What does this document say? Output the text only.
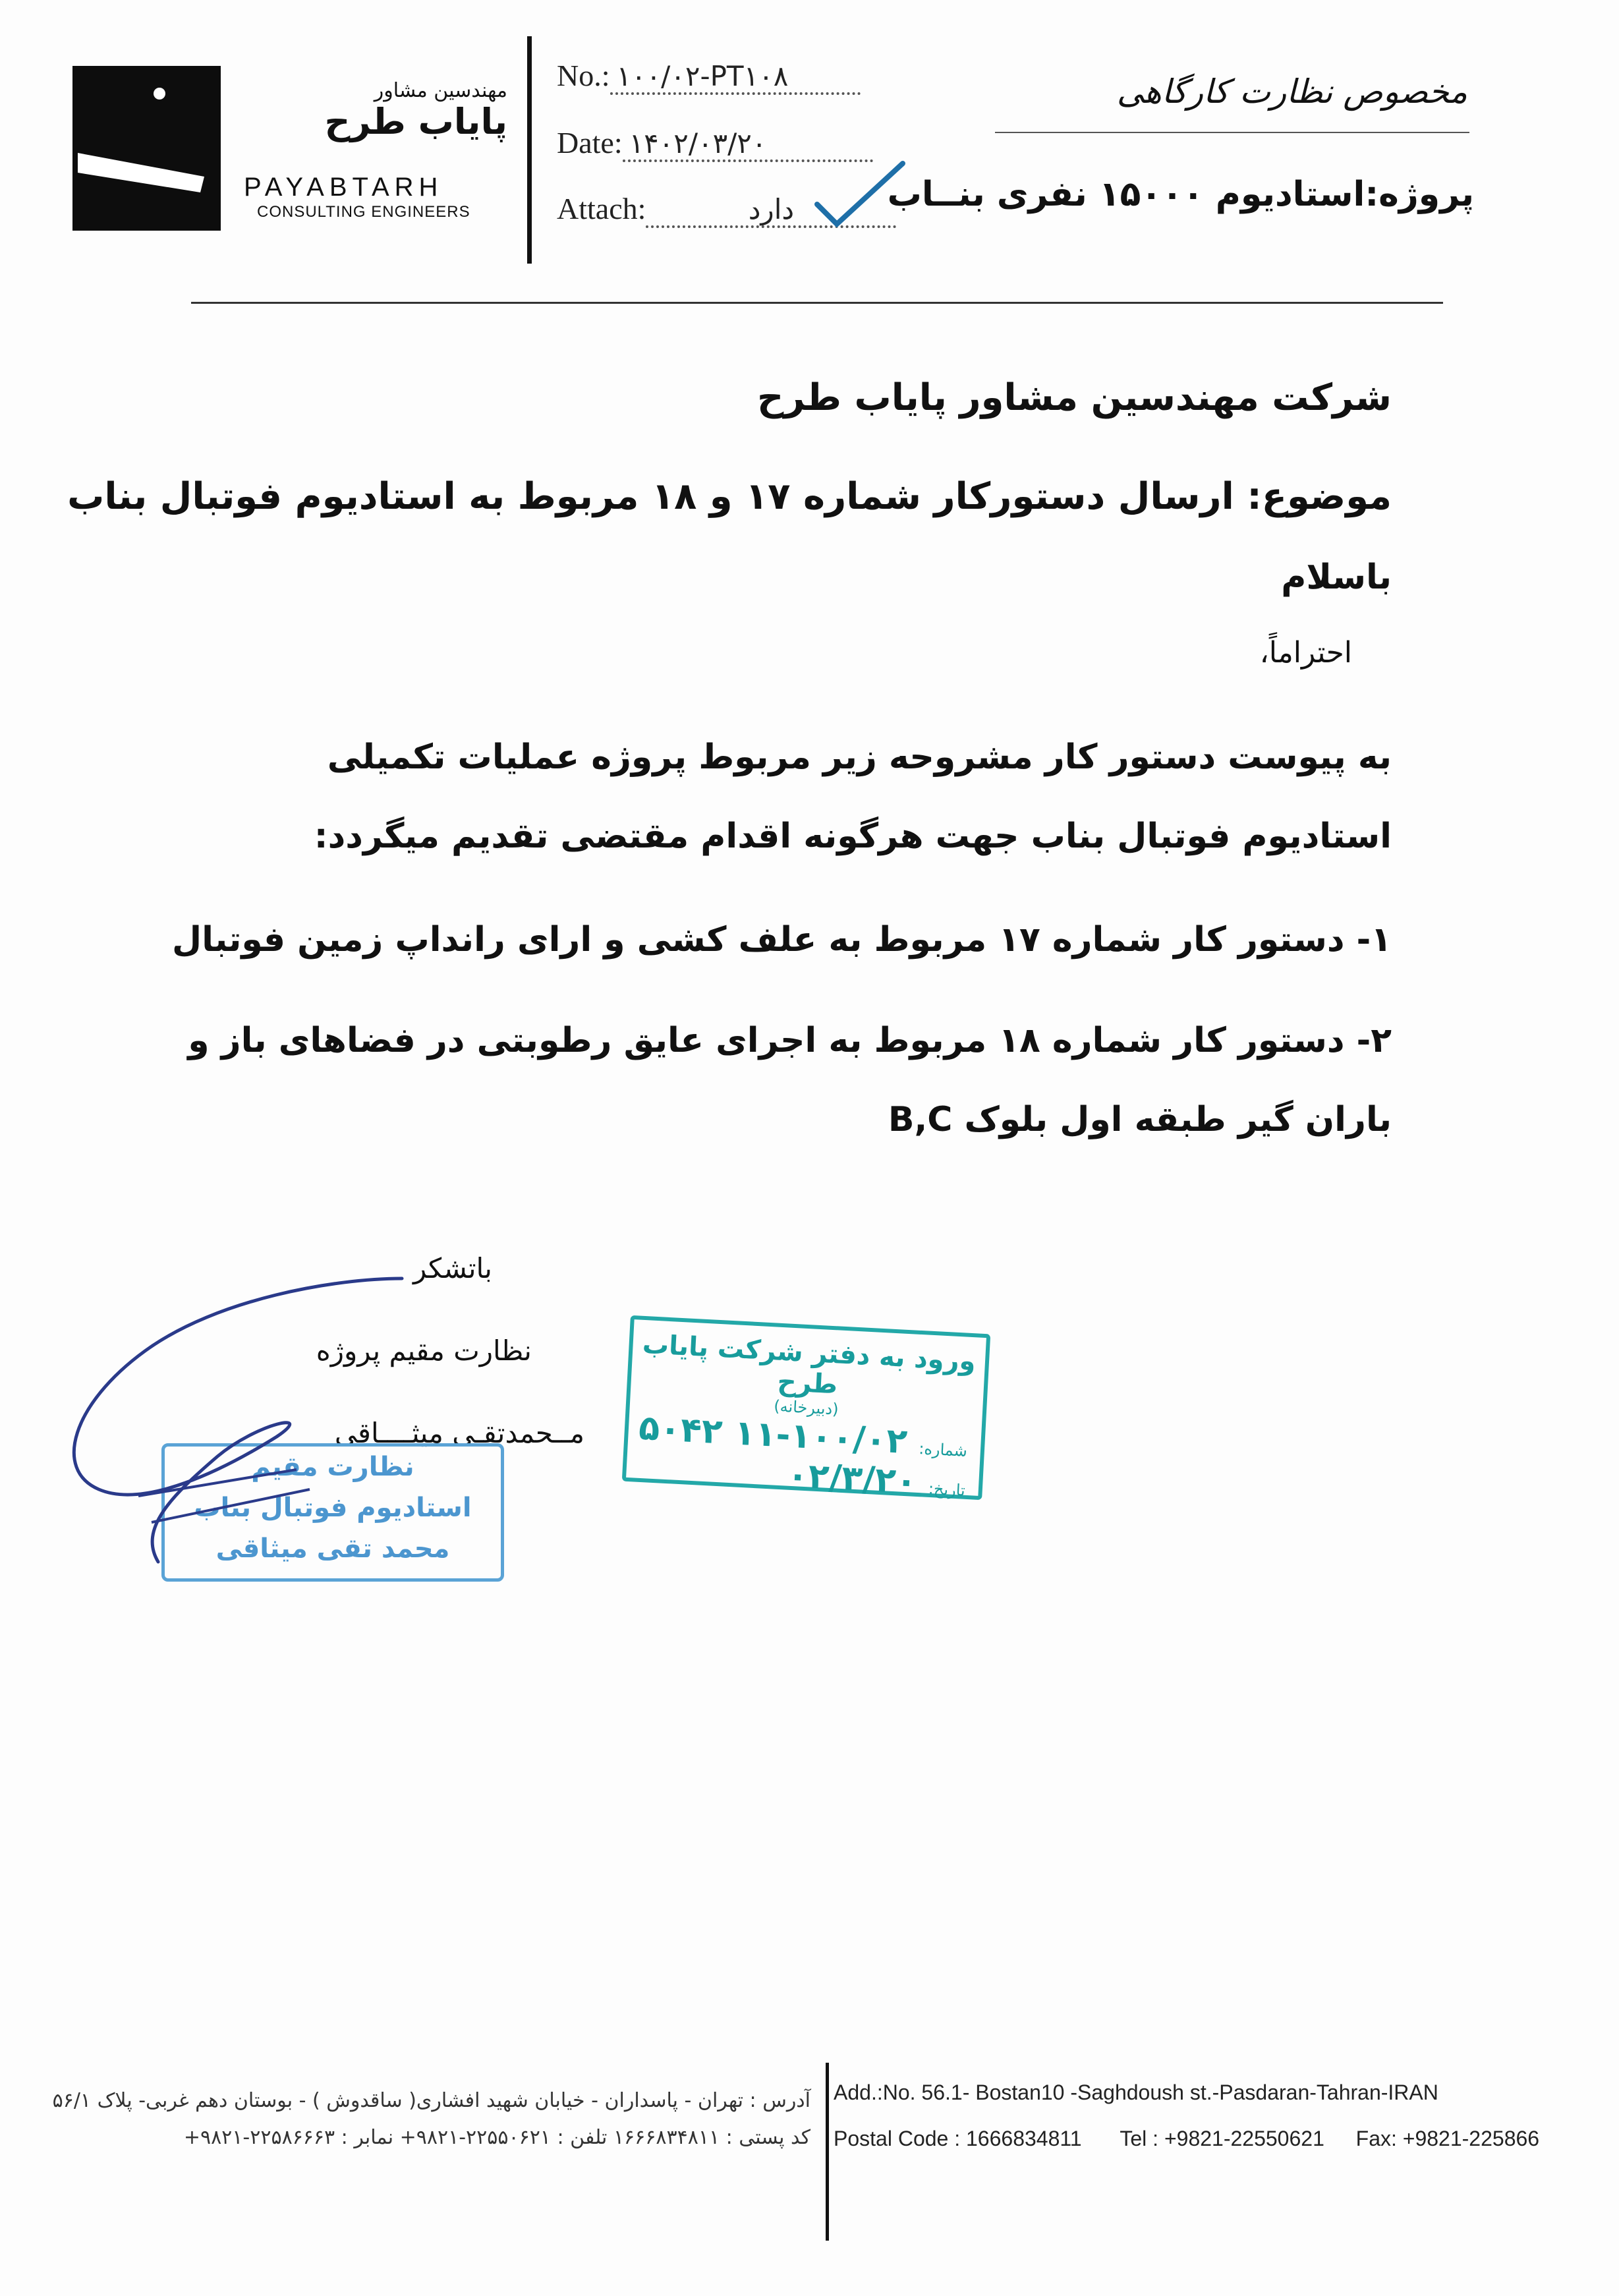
مهندسین مشاور
پایاب طرح
PAYABTARH
CONSULTING ENGINEERS
No.: ۱۰۰/۰۲-PT۱۰۸
Date: ۱۴۰۲/۰۳/۲۰
Attach:	دارد
مخصوص نظارت کارگاهی
پروژه:استادیوم ۱۵۰۰۰ نفری بنــاب
شرکت مهندسین مشاور پایاب طرح
موضوع: ارسال دستورکار شماره ۱۷ و ۱۸ مربوط به استادیوم فوتبال بناب
باسلام
احتراماً،
به پیوست دستور کار مشروحه زیر مربوط پروژه عملیات تکمیلی استادیوم فوتبال بناب جهت هرگونه اقدام مقتضی تقدیم میگردد:
۱- دستور کار شماره ۱۷ مربوط به علف کشی و ارای رانداپ زمین فوتبال
۲- دستور کار شماره ۱۸ مربوط به اجرای عایق رطوبتی در فضاهای باز و باران گیر طبقه اول بلوک B,C
باتشکر
نظارت مقیم پروژه
مــحمدتقـی میثــــاقی
نظارت مقیم
استادیوم فوتبال بناب
محمد تقی میثاقی
ورود به دفتر شرکت پایاب طرح
(دبیرخانه)
شماره: ۱۰۰/۰۲-۱۱ ۵۰۴۲
تاریخ: ۰۲/۳/۲۰
آدرس : تهران - پاسداران - خیابان شهید افشاری( ساقدوش ) - بوستان دهم غربی- پلاک ۵۶/۱
کد پستی : ۱۶۶۶۸۳۴۸۱۱ تلفن : ۲۲۵۵۰۶۲۱-۹۸۲۱+ نمابر : ۲۲۵۸۶۶۶۳-۹۸۲۱+
Add.:No. 56.1- Bostan10 -Saghdoush st.-Pasdaran-Tahran-IRAN
Postal Code : 1666834811 Tel : +9821-22550621 Fax: +9821-225866
